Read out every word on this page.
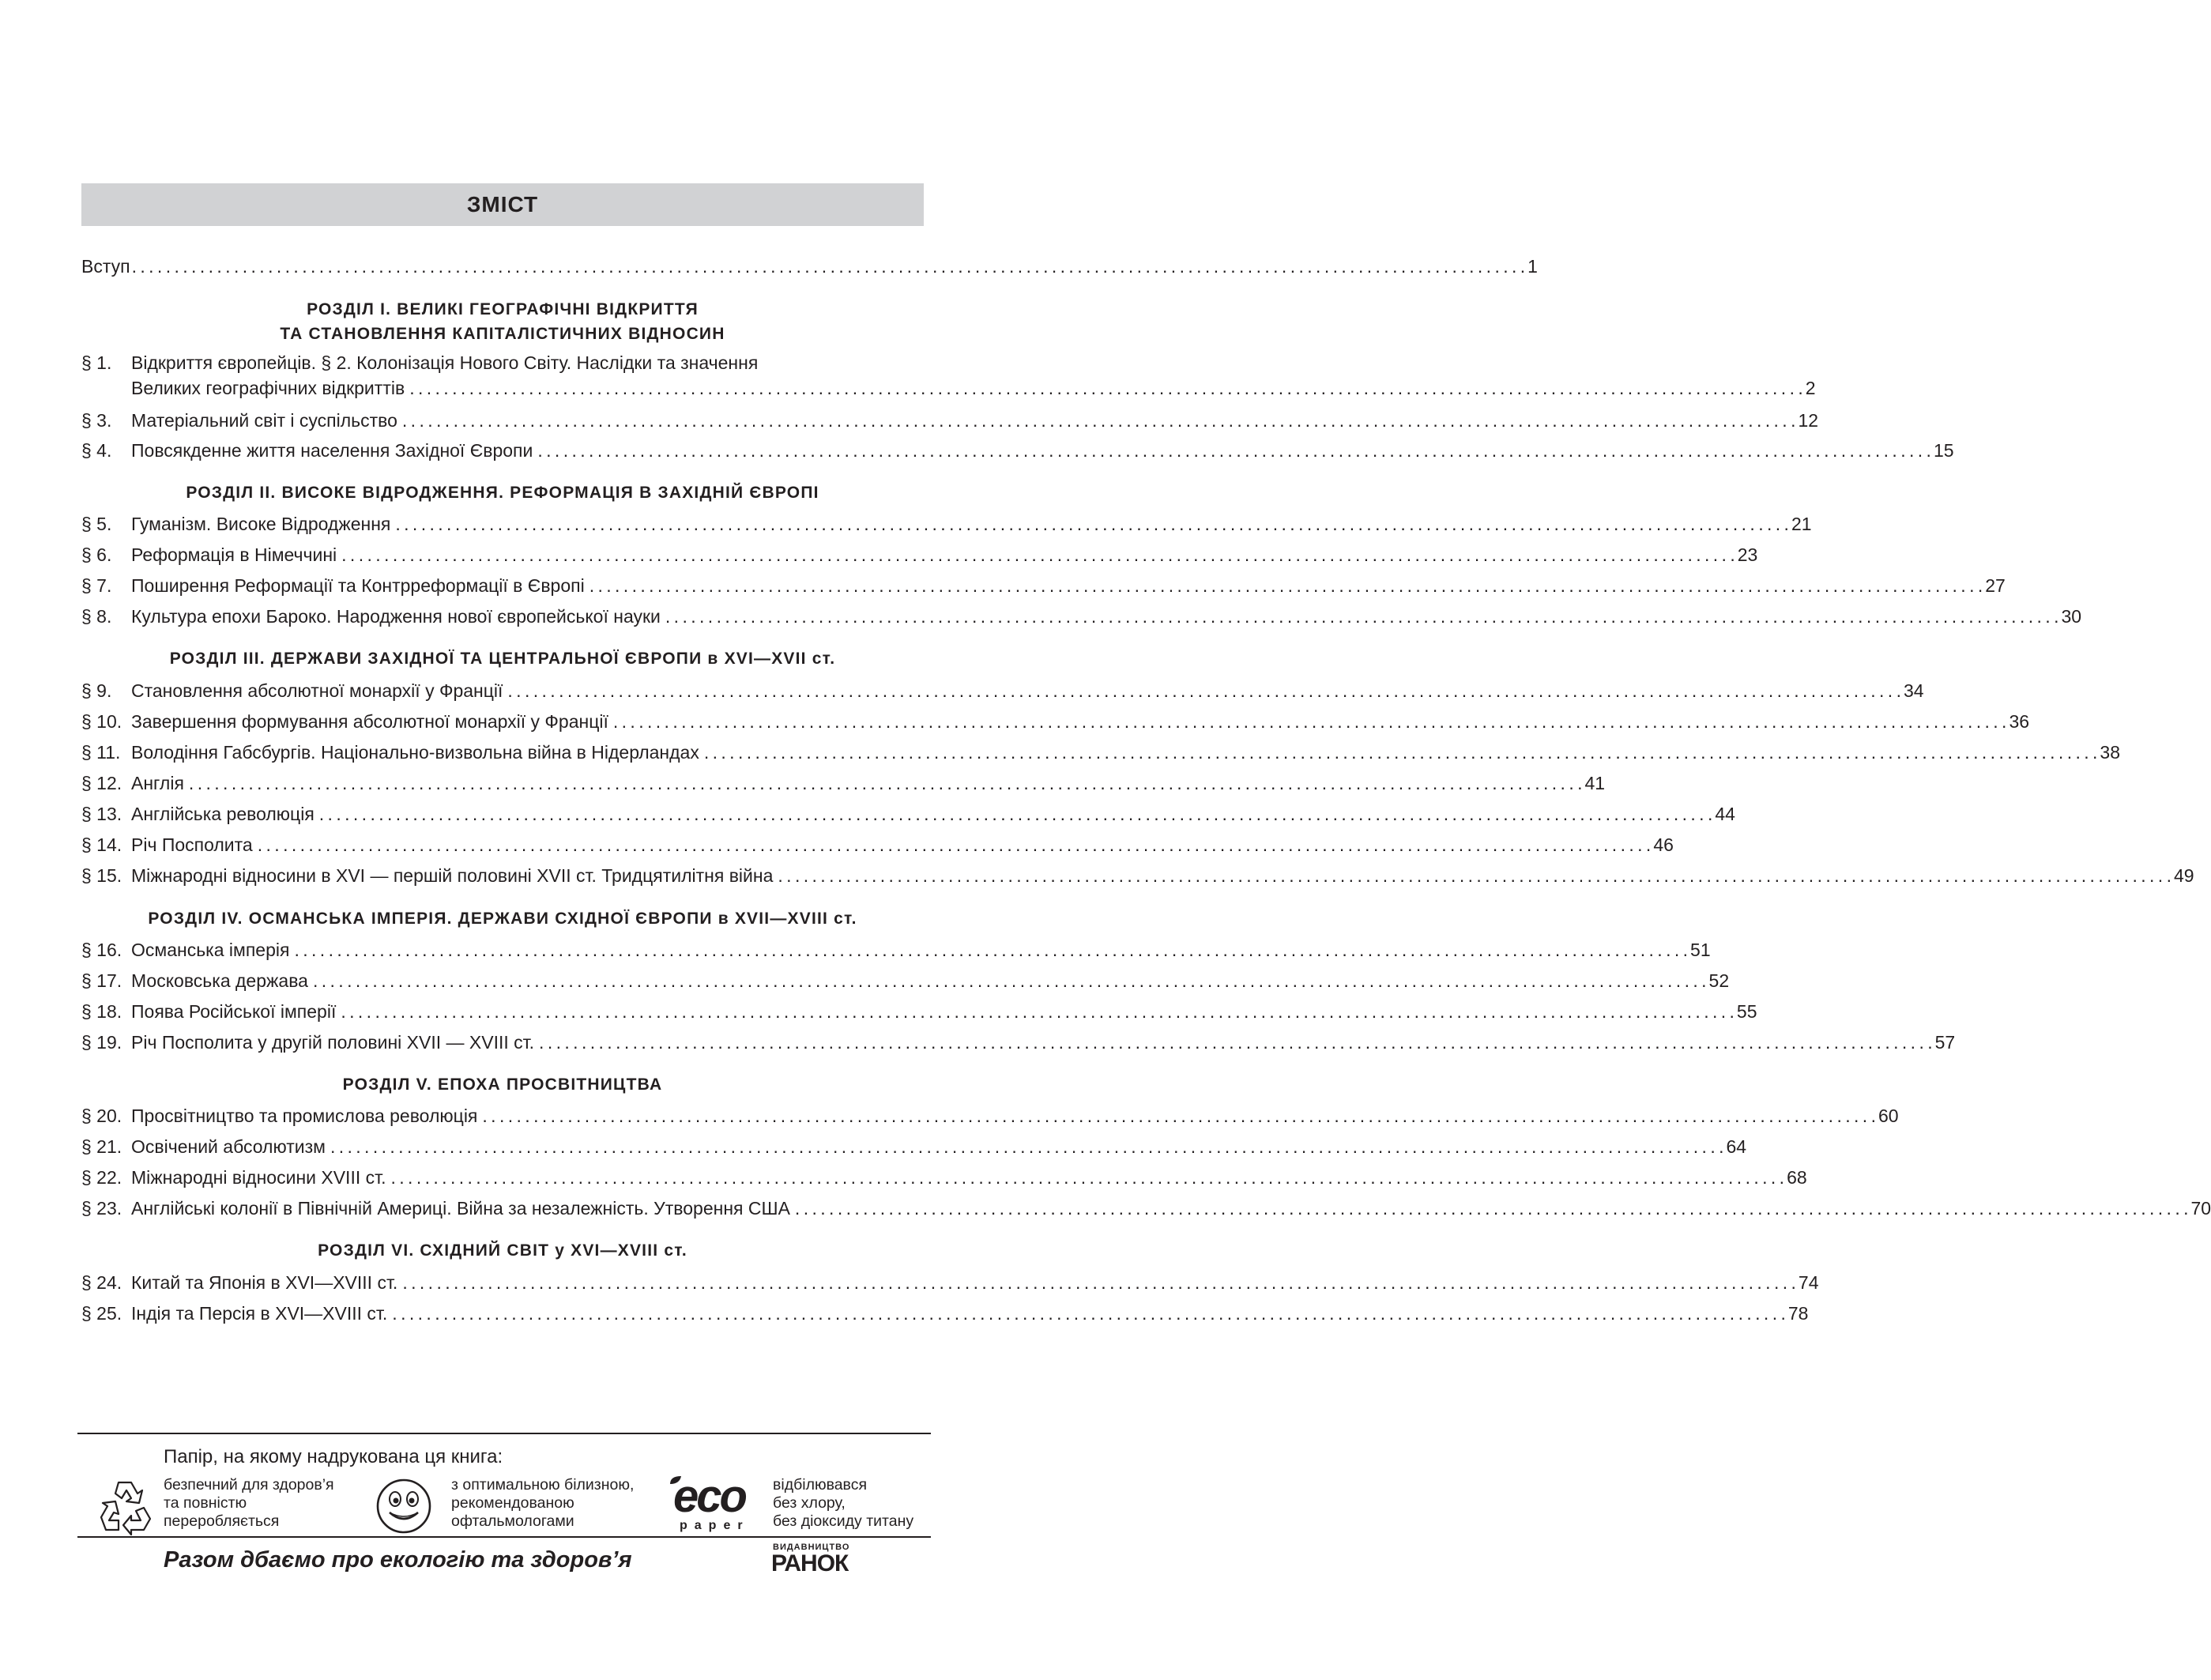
ЗМІСТ
Вступ . . .	1
РОЗДІЛ І. ВЕЛИКІ ГЕОГРАФІЧНІ ВІДКРИТТЯ
ТА СТАНОВЛЕННЯ КАПІТАЛІСТИЧНИХ ВІДНОСИН
§ 1.	Відкриття європейців. § 2. Колонізація Нового Світу. Наслідки та значення
Великих географічних відкриттів . . .	2
§ 3.	Матеріальний світ і суспільство . . .	12
§ 4.	Повсякденне життя населення Західної Європи . . .	15
РОЗДІЛ ІІ. ВИСОКЕ ВІДРОДЖЕННЯ. РЕФОРМАЦІЯ В ЗАХІДНІЙ ЄВРОПІ
§ 5.	Гуманізм. Високе Відродження . . .	21
§ 6.	Реформація в Німеччині . . .	23
§ 7.	Поширення Реформації та Контрреформації в Європі . . .	27
§ 8.	Культура епохи Бароко. Народження нової європейської науки . . .	30
РОЗДІЛ ІІІ. ДЕРЖАВИ ЗАХІДНОЇ ТА ЦЕНТРАЛЬНОЇ ЄВРОПИ в XVI—XVII ст.
§ 9.	Становлення абсолютної монархії у Франції . . .	34
§ 10. Завершення формування абсолютної монархії у Франції . . .	36
§ 11. Володіння Габсбургів. Національно-визвольна війна в Нідерландах . . .	38
§ 12. Англія . . .	41
§ 13. Англійська революція . . .	44
§ 14. Річ Посполита . . .	46
§ 15. Міжнародні відносини в XVI — першій половині XVII ст. Тридцятилітня війна . . .	49
РОЗДІЛ ІV. ОСМАНСЬКА ІМПЕРІЯ. ДЕРЖАВИ СХІДНОЇ ЄВРОПИ в XVII—XVIII ст.
§ 16. Османська імперія . . .	51
§ 17. Московська держава . . .	52
§ 18. Поява Російської імперії . . .	55
§ 19. Річ Посполита у другій половині XVII — XVIII ст. . . .	57
РОЗДІЛ V. ЕПОХА ПРОСВІТНИЦТВА
§ 20. Просвітництво та промислова революція . . .	60
§ 21. Освічений абсолютизм . . .	64
§ 22. Міжнародні відносини XVIII ст. . . .	68
§ 23. Англійські колонії в Північній Америці. Війна за незалежність. Утворення США . . .	70
РОЗДІЛ VІ. СХІДНИЙ СВІТ у XVI—XVIII ст.
§ 24. Китай та Японія в XVI—XVIII ст. . . .	74
§ 25. Індія та Персія в XVI—XVIII ст. . . .	78
Папір, на якому надрукована ця книга:
безпечний для здоров’я
та повністю
переробляється
з оптимальною білизною,
рекомендованою
офтальмологами	eco
paper
відбілювався
без хлору,
без діоксиду титану
Разом дбаємо про екологію та здоров’я	ВИДАВНИЦТВО
РАНОК
